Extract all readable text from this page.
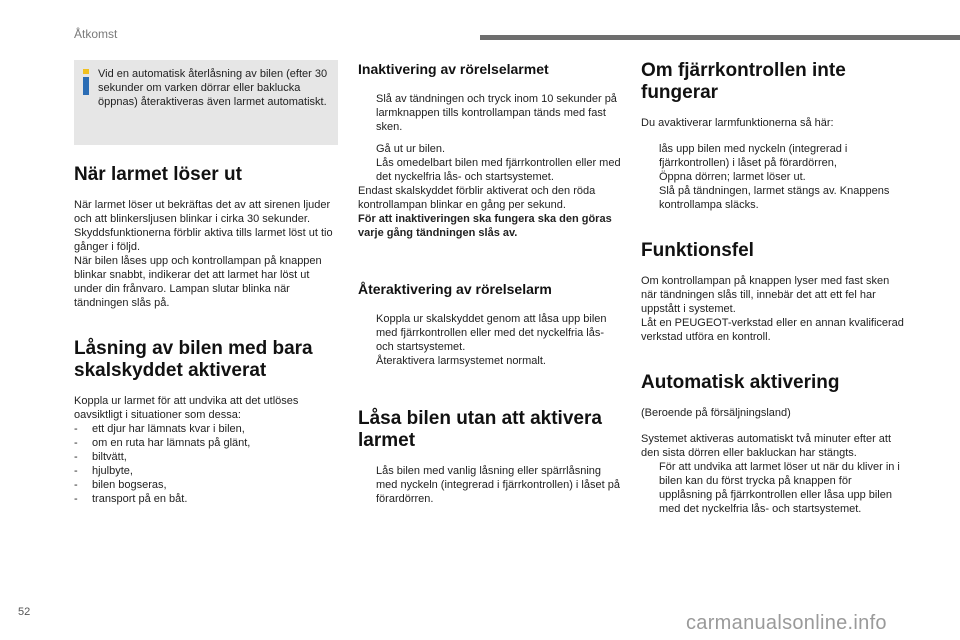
Åtkomst
Vid en automatisk återlåsning av bilen (efter 30 sekunder om varken dörrar eller baklucka öppnas) återaktiveras även larmet automatiskt.
När larmet löser ut
När larmet löser ut bekräftas det av att sirenen ljuder och att blinkersljusen blinkar i cirka 30 sekunder.
Skyddsfunktionerna förblir aktiva tills larmet löst ut tio gånger i följd.
När bilen låses upp och kontrollampan på knappen blinkar snabbt, indikerar det att larmet har löst ut under din frånvaro. Lampan slutar blinka när tändningen slås på.
Låsning av bilen med bara skalskyddet aktiverat
Koppla ur larmet för att undvika att det utlöses oavsiktligt i situationer som dessa:
- ett djur har lämnats kvar i bilen,
- om en ruta har lämnats på glänt,
- biltvätt,
- hjulbyte,
- bilen bogseras,
- transport på en båt.
Inaktivering av rörelselarmet
Slå av tändningen och tryck inom 10 sekunder på larmknappen tills kontrollampan tänds med fast sken.
Gå ut ur bilen.
Lås omedelbart bilen med fjärrkontrollen eller med det nyckelfria lås- och startsystemet.
Endast skalskyddet förblir aktiverat och den röda kontrollampan blinkar en gång per sekund.
För att inaktiveringen ska fungera ska den göras varje gång tändningen slås av.
Återaktivering av rörelselarm
Koppla ur skalskyddet genom att låsa upp bilen med fjärrkontrollen eller med det nyckelfria lås- och startsystemet.
Återaktivera larmsystemet normalt.
Låsa bilen utan att aktivera larmet
Lås bilen med vanlig låsning eller spärrlåsning med nyckeln (integrerad i fjärrkontrollen) i låset på förardörren.
Om fjärrkontrollen inte fungerar

Du avaktiverar larmfunktionerna så här:

lås upp bilen med nyckeln (integrerad i fjärrkontrollen) i låset på förardörren,
Öppna dörren; larmet löser ut.
Slå på tändningen, larmet stängs av. Knappens kontrollampa släcks.
Funktionsfel
Om kontrollampan på knappen lyser med fast sken när tändningen slås till, innebär det att ett fel har uppstått i systemet.
Låt en PEUGEOT-verkstad eller en annan kvalificerad verkstad utföra en kontroll.
Automatisk aktivering

(Beroende på försäljningsland)

Systemet aktiveras automatiskt två minuter efter att den sista dörren eller bakluckan har stängts.
För att undvika att larmet löser ut när du kliver in i bilen kan du först trycka på knappen för upplåsning på fjärrkontrollen eller låsa upp bilen med det nyckelfria lås- och startsystemet.
52	carmanualsonline.info
